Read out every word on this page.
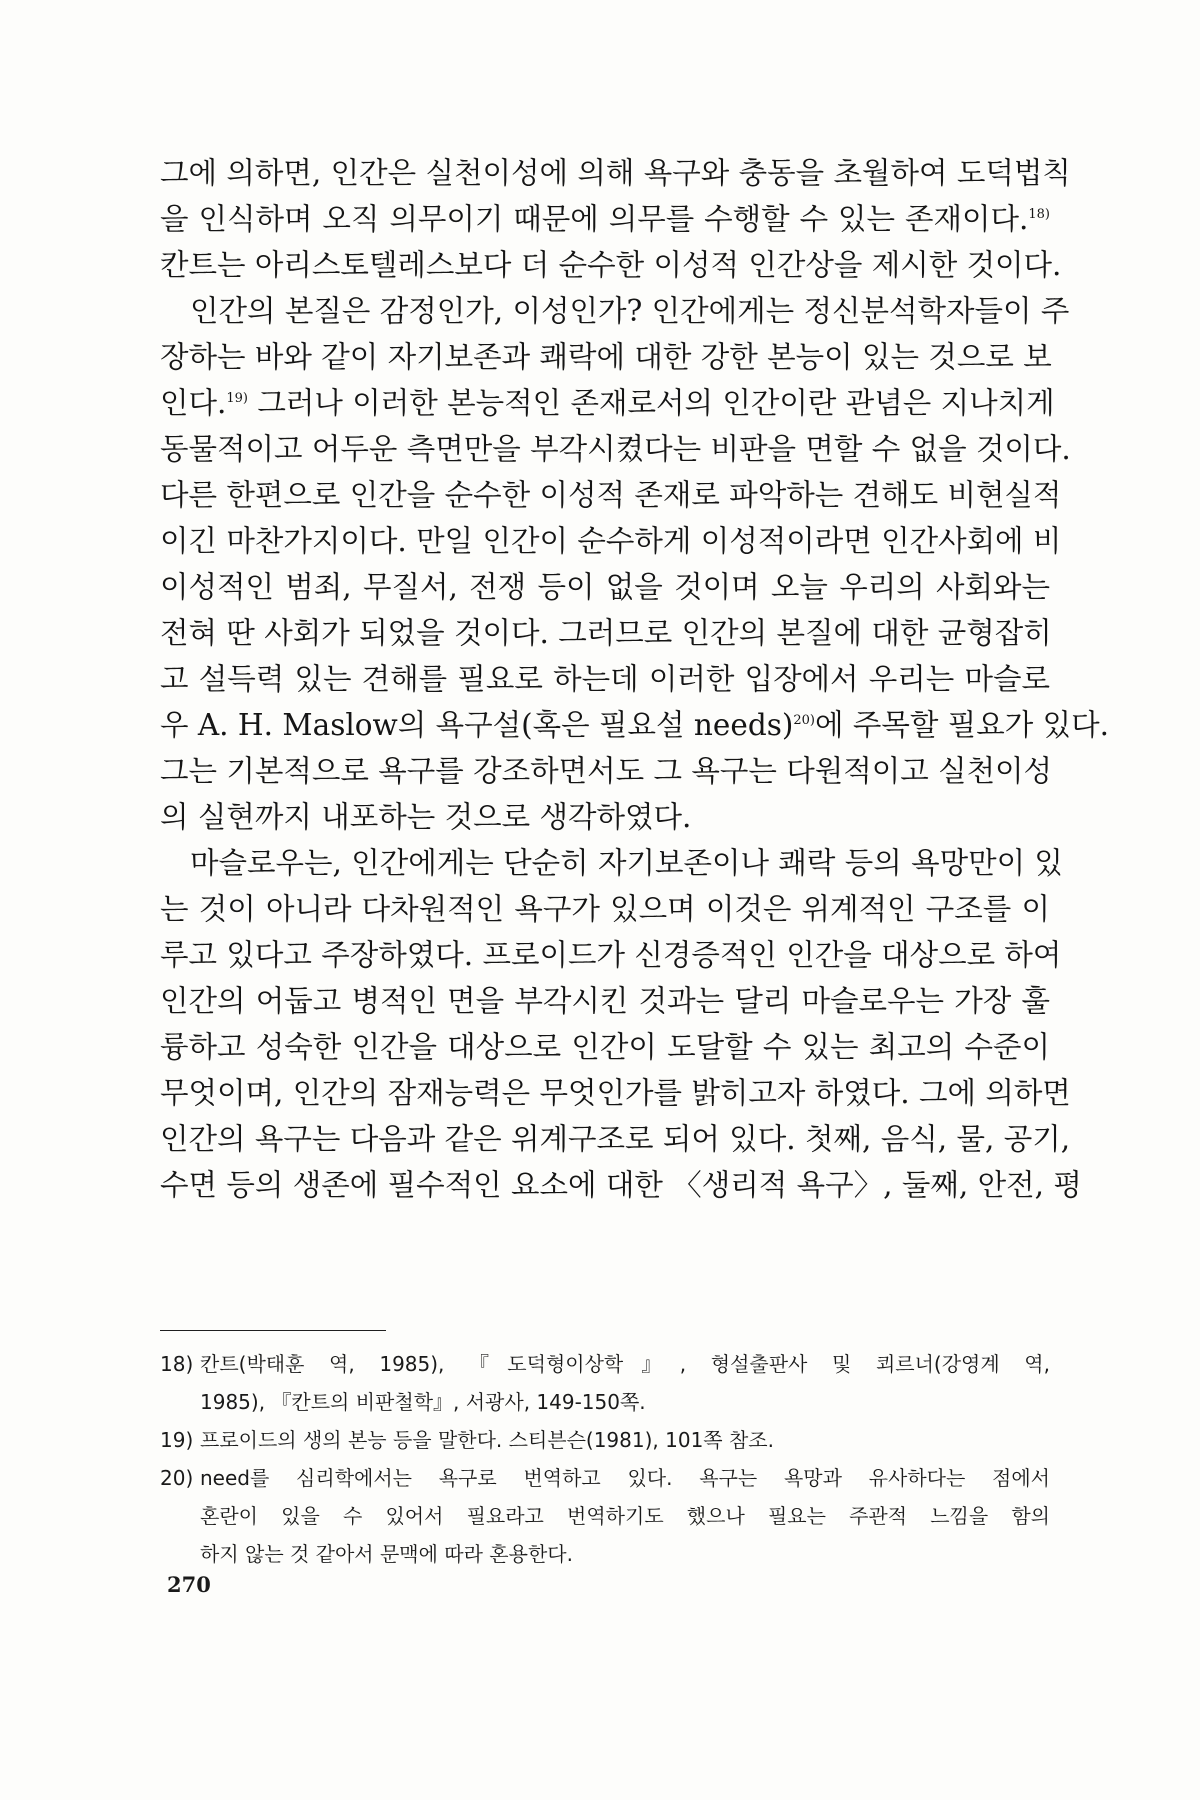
그에 의하면, 인간은 실천이성에 의해 욕구와 충동을 초월하여 도덕법칙
을 인식하며 오직 의무이기 때문에 의무를 수행할 수 있는 존재이다.$^{18)}$
칸트는 아리스토텔레스보다 더 순수한 이성적 인간상을 제시한 것이다.
인간의 본질은 감정인가, 이성인가? 인간에게는 정신분석학자들이 주
장하는 바와 같이 자기보존과 쾌락에 대한 강한 본능이 있는 것으로 보
인다.$^{19)}$ 그러나 이러한 본능적인 존재로서의 인간이란 관념은 지나치게
동물적이고 어두운 측면만을 부각시켰다는 비판을 면할 수 없을 것이다.
다른 한편으로 인간을 순수한 이성적 존재로 파악하는 견해도 비현실적
이긴 마찬가지이다. 만일 인간이 순수하게 이성적이라면 인간사회에 비
이성적인 범죄, 무질서, 전쟁 등이 없을 것이며 오늘 우리의 사회와는
전혀 딴 사회가 되었을 것이다. 그러므로 인간의 본질에 대한 균형잡히
고 설득력 있는 견해를 필요로 하는데 이러한 입장에서 우리는 마슬로
우 A. H. Maslow의 욕구설(혹은 필요설 needs)$^{20)}$에 주목할 필요가 있다.
그는 기본적으로 욕구를 강조하면서도 그 욕구는 다원적이고 실천이성
의 실현까지 내포하는 것으로 생각하였다.
마슬로우는, 인간에게는 단순히 자기보존이나 쾌락 등의 욕망만이 있
는 것이 아니라 다차원적인 욕구가 있으며 이것은 위계적인 구조를 이
루고 있다고 주장하였다. 프로이드가 신경증적인 인간을 대상으로 하여
인간의 어둡고 병적인 면을 부각시킨 것과는 달리 마슬로우는 가장 훌
륭하고 성숙한 인간을 대상으로 인간이 도달할 수 있는 최고의 수준이
무엇이며, 인간의 잠재능력은 무엇인가를 밝히고자 하였다. 그에 의하면
인간의 욕구는 다음과 같은 위계구조로 되어 있다. 첫째, 음식, 물, 공기,
수면 등의 생존에 필수적인 요소에 대한 〈생리적 욕구〉, 둘째, 안전, 평
18) 칸트(박태훈 역, 1985), 『도덕형이상학』, 형설출판사 및 쾨르너(강영계 역,
1985), 『칸트의 비판철학』, 서광사, 149-150쪽.
19) 프로이드의 생의 본능 등을 말한다. 스티븐슨(1981), 101쪽 참조.
20) need를 심리학에서는 욕구로 번역하고 있다. 욕구는 욕망과 유사하다는 점에서
혼란이 있을 수 있어서 필요라고 번역하기도 했으나 필요는 주관적 느낌을 함의
하지 않는 것 같아서 문맥에 따라 혼용한다.
270
